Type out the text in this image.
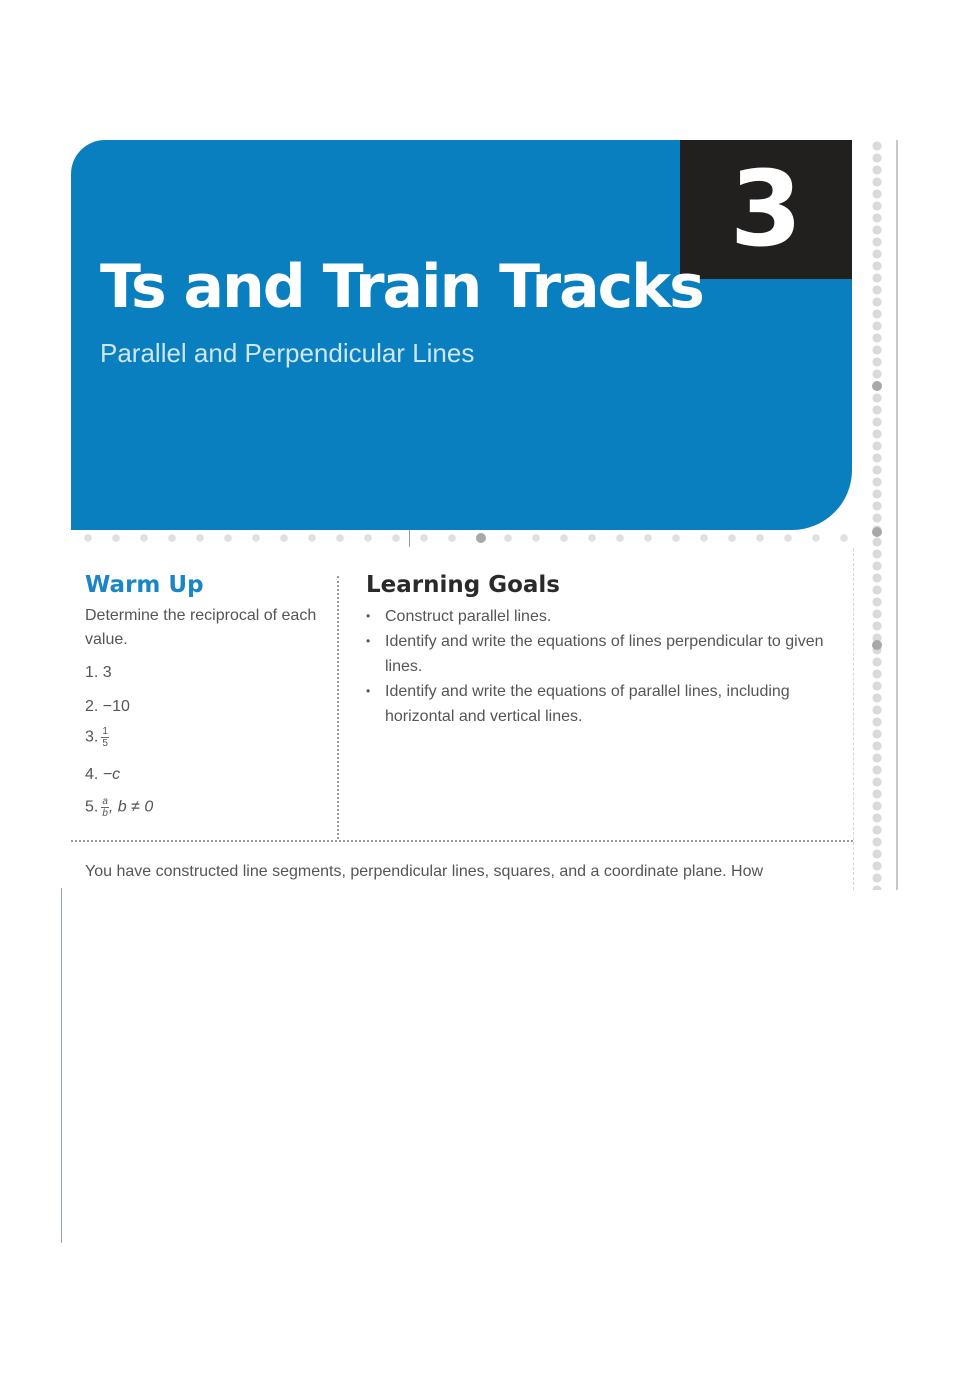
3
Ts and Train Tracks
Parallel and Perpendicular Lines
Warm Up
Determine the reciprocal of each value.
1. 3
2. −10
3. $\frac{1}{5}$
4. −c
5. $\frac{a}{b}$ , b ≠ 0
Learning Goals
• Construct parallel lines.
• Identify and write the equations of lines perpendicular to given lines.
• Identify and write the equations of parallel lines, including horizontal and vertical lines.
You have constructed line segments, perpendicular lines, squares, and a coordinate plane. How
